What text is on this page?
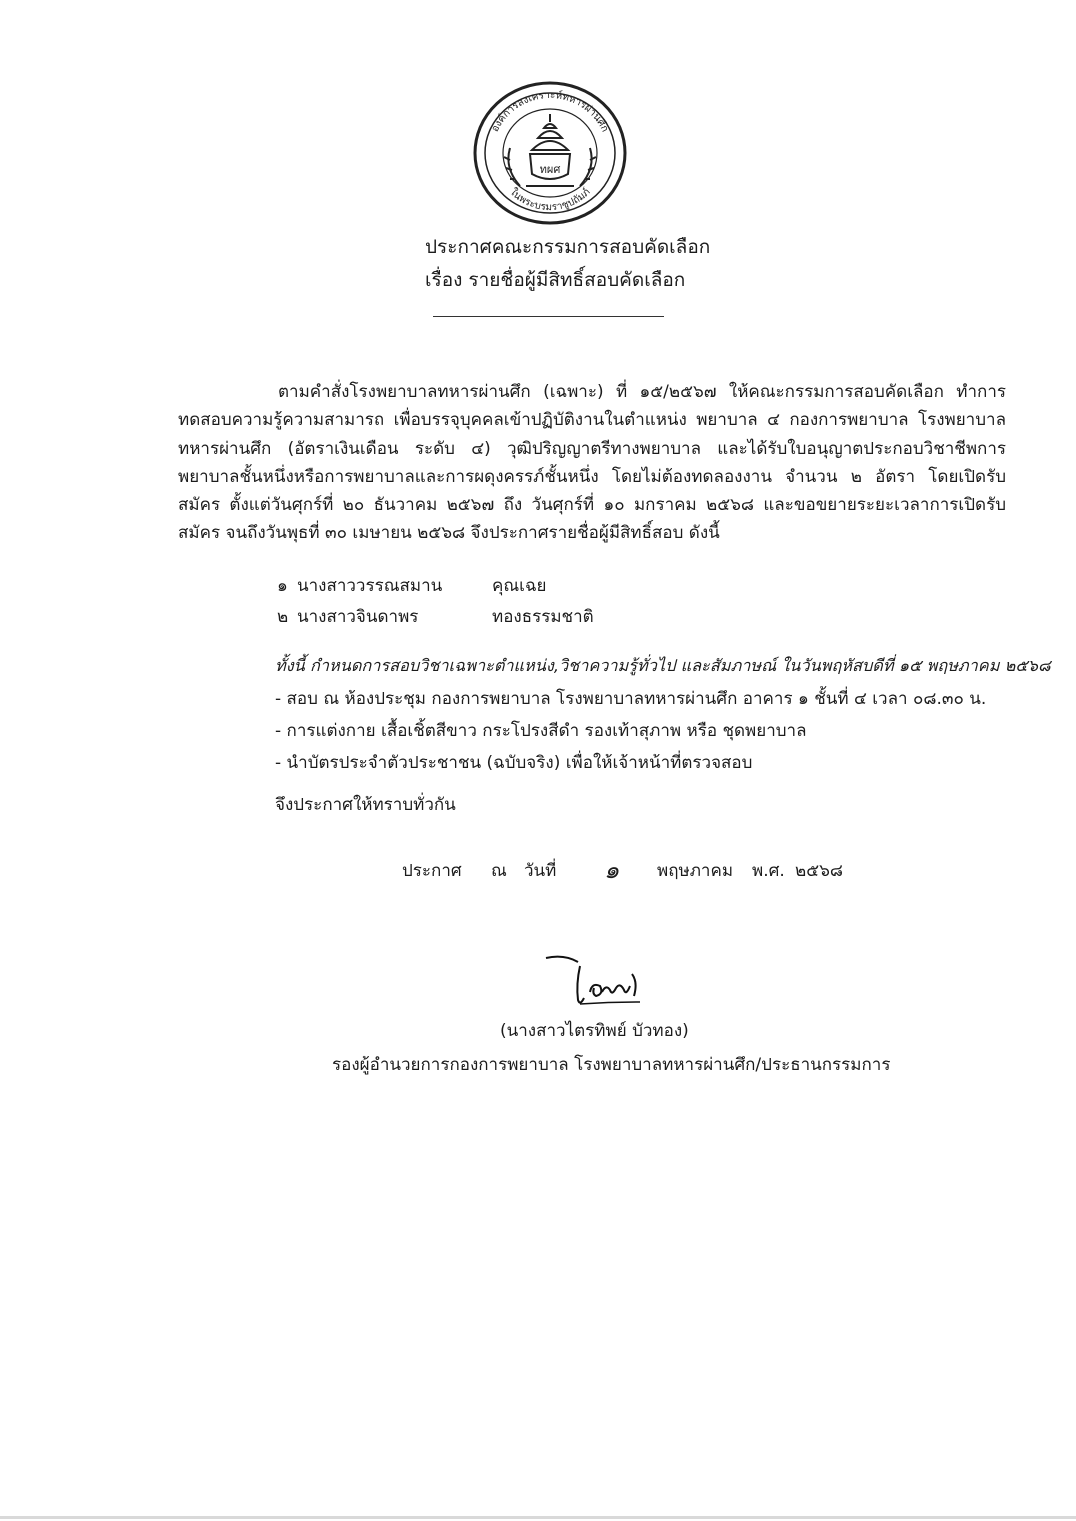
องค์การสงเคราะห์ทหารผ่านศึก
ในพระบรมราชูปถัมภ์
ทผศ
ประกาศคณะกรรมการสอบคัดเลือก
เรื่อง รายชื่อผู้มีสิทธิ์สอบคัดเลือก

ตามคำสั่งโรงพยาบาลทหารผ่านศึก (เฉพาะ) ที่ ๑๕/๒๕๖๗ ให้คณะกรรมการสอบคัดเลือก ทำการทดสอบความรู้ความสามารถ เพื่อบรรจุบุคคลเข้าปฏิบัติงานในตำแหน่ง พยาบาล ๔ กองการพยาบาล โรงพยาบาลทหารผ่านศึก (อัตราเงินเดือน ระดับ ๔) วุฒิปริญญาตรีทางพยาบาล และได้รับใบอนุญาตประกอบวิชาชีพการพยาบาลชั้นหนึ่งหรือการพยาบาลและการผดุงครรภ์ชั้นหนึ่ง โดยไม่ต้องทดลองงาน จำนวน ๒ อัตรา โดยเปิดรับสมัคร ตั้งแต่วันศุกร์ที่ ๒๐ ธันวาคม ๒๕๖๗ ถึง วันศุกร์ที่ ๑๐ มกราคม ๒๕๖๘ และขอขยายระยะเวลาการเปิดรับสมัคร จนถึงวันพุธที่ ๓๐ เมษายน ๒๕๖๘ จึงประกาศรายชื่อผู้มีสิทธิ์สอบ ดังนี้

๑ นางสาววรรณสมาน	คุณเฉย
๒ นางสาวจินดาพร	ทองธรรมชาติ
ทั้งนี้ กำหนดการสอบวิชาเฉพาะตำแหน่ง,วิชาความรู้ทั่วไป และสัมภาษณ์ ในวันพฤหัสบดีที่ ๑๕ พฤษภาคม ๒๕๖๘
- สอบ ณ ห้องประชุม กองการพยาบาล โรงพยาบาลทหารผ่านศึก อาคาร ๑ ชั้นที่ ๔ เวลา ๐๘.๓๐ น.
- การแต่งกาย เสื้อเชิ้ตสีขาว กระโปรงสีดำ รองเท้าสุภาพ หรือ ชุดพยาบาล
- นำบัตรประจำตัวประชาชน (ฉบับจริง) เพื่อให้เจ้าหน้าที่ตรวจสอบ
จึงประกาศให้ทราบทั่วกัน
ประกาศ ณ วันที่ ๑ พฤษภาคม พ.ศ. ๒๕๖๘
(นางสาวไตรทิพย์ บัวทอง)
รองผู้อำนวยการกองการพยาบาล โรงพยาบาลทหารผ่านศึก/ประธานกรรมการ
